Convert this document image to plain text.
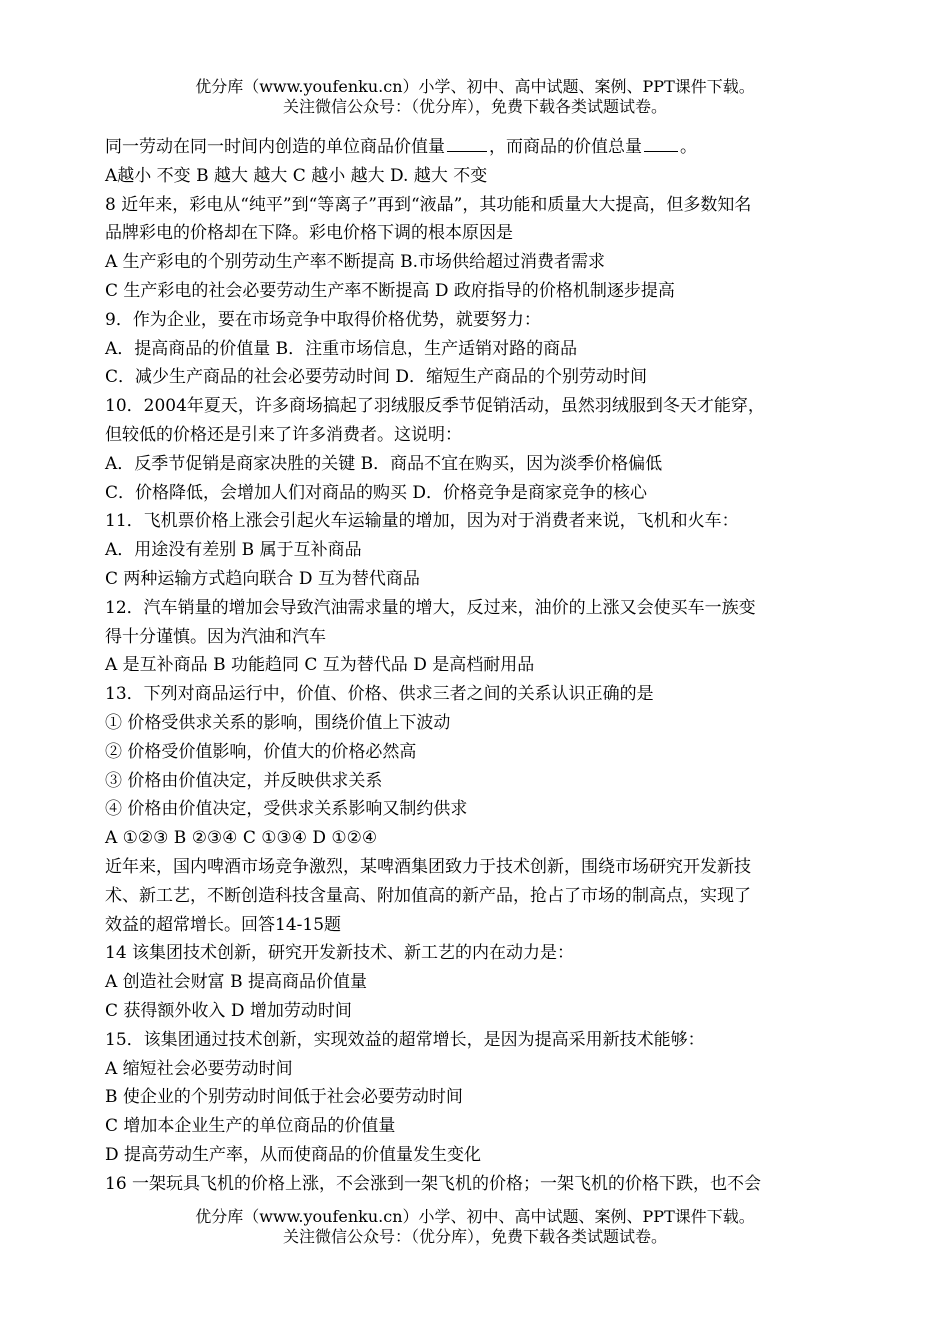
优分库（www.youfenku.cn）小学、初中、高中试题、案例、PPT课件下载。
关注微信公众号：（优分库），免费下载各类试题试卷。
同一劳动在同一时间内创造的单位商品价值量	，而商品的价值总量 。
A越小 不变 B 越大 越大 C 越小 越大 D. 越大 不变
8 近年来，彩电从“纯平”到“等离子”再到“液晶”，其功能和质量大大提高，但多数知名
品牌彩电的价格却在下降。彩电价格下调的根本原因是
A 生产彩电的个别劳动生产率不断提高 B.市场供给超过消费者需求
C 生产彩电的社会必要劳动生产率不断提高 D 政府指导的价格机制逐步提高
9．作为企业，要在市场竞争中取得价格优势，就要努力：
A．提高商品的价值量 B．注重市场信息，生产适销对路的商品
C．减少生产商品的社会必要劳动时间 D．缩短生产商品的个别劳动时间
10．2004年夏天，许多商场搞起了羽绒服反季节促销活动，虽然羽绒服到冬天才能穿，
但较低的价格还是引来了许多消费者。这说明：
A．反季节促销是商家决胜的关键 B．商品不宜在购买，因为淡季价格偏低
C．价格降低，会增加人们对商品的购买 D．价格竞争是商家竞争的核心
11．飞机票价格上涨会引起火车运输量的增加，因为对于消费者来说，飞机和火车：
A．用途没有差别 B 属于互补商品
C 两种运输方式趋向联合 D 互为替代商品
12．汽车销量的增加会导致汽油需求量的增大，反过来，油价的上涨又会使买车一族变
得十分谨慎。因为汽油和汽车
A 是互补商品 B 功能趋同 C 互为替代品 D 是高档耐用品
13．下列对商品运行中，价值、价格、供求三者之间的关系认识正确的是
① 价格受供求关系的影响，围绕价值上下波动
② 价格受价值影响，价值大的价格必然高
③ 价格由价值决定，并反映供求关系
④ 价格由价值决定，受供求关系影响又制约供求
A ①②③ B ②③④ C ①③④ D ①②④
近年来，国内啤酒市场竞争激烈，某啤酒集团致力于技术创新，围绕市场研究开发新技
术、新工艺，不断创造科技含量高、附加值高的新产品，抢占了市场的制高点，实现了
效益的超常增长。回答14-15题
14 该集团技术创新，研究开发新技术、新工艺的内在动力是：
A 创造社会财富 B 提高商品价值量
C 获得额外收入 D 增加劳动时间
15．该集团通过技术创新，实现效益的超常增长，是因为提高采用新技术能够：
A 缩短社会必要劳动时间
B 使企业的个别劳动时间低于社会必要劳动时间
C 增加本企业生产的单位商品的价值量
D 提高劳动生产率，从而使商品的价值量发生变化
16 一架玩具飞机的价格上涨，不会涨到一架飞机的价格；一架飞机的价格下跌，也不会
优分库（www.youfenku.cn）小学、初中、高中试题、案例、PPT课件下载。
关注微信公众号：（优分库），免费下载各类试题试卷。
